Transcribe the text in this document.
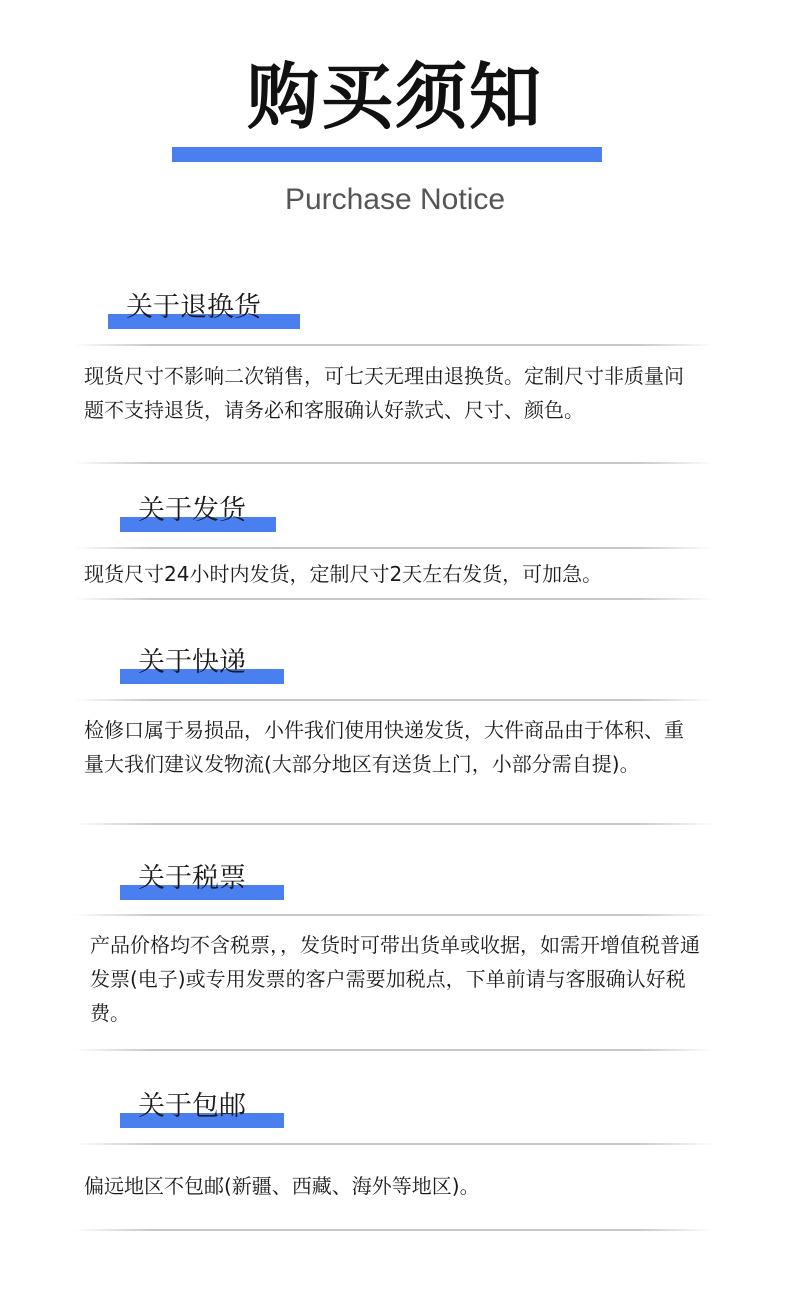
购买须知
Purchase Notice
关于退换货
现货尺寸不影响二次销售，可七天无理由退换货。定制尺寸非质量问题不支持退货，请务必和客服确认好款式、尺寸、颜色。
关于发货
现货尺寸24小时内发货，定制尺寸2天左右发货，可加急。
关于快递
检修口属于易损品，小件我们使用快递发货，大件商品由于体积、重量大我们建议发物流(大部分地区有送货上门，小部分需自提)。
关于税票
产品价格均不含税票，，发货时可带出货单或收据，如需开增值税普通发票(电子)或专用发票的客户需要加税点，下单前请与客服确认好税费。
关于包邮
偏远地区不包邮(新疆、西藏、海外等地区)。
